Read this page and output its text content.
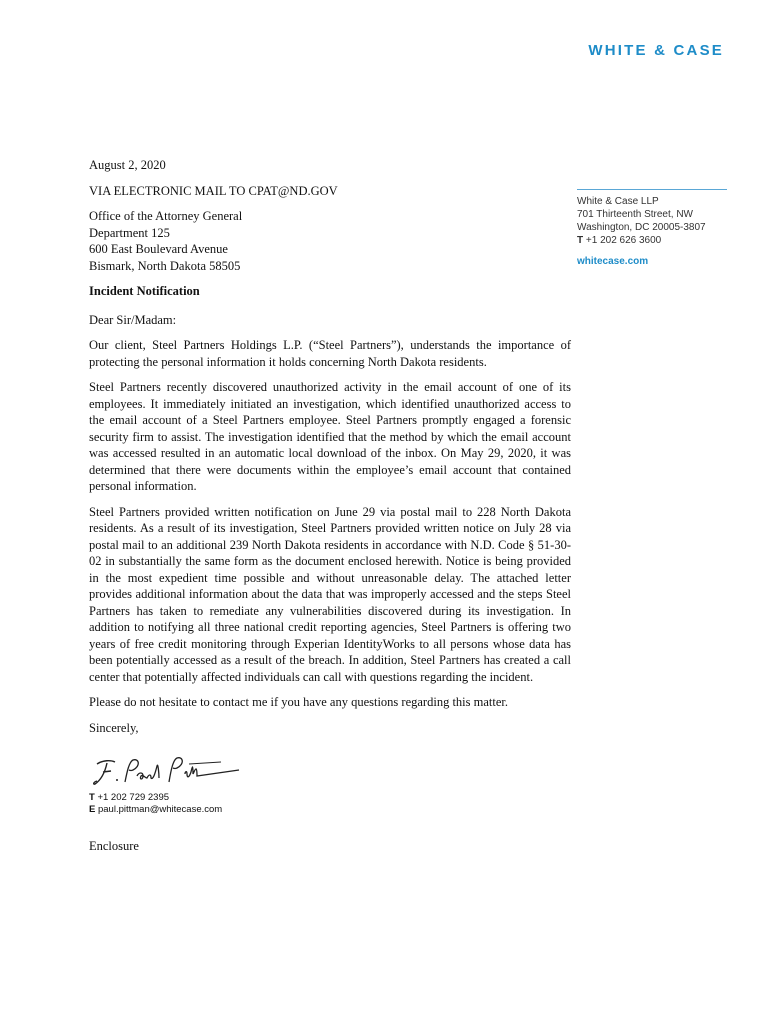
WHITE & CASE
White & Case LLP
701 Thirteenth Street, NW
Washington, DC 20005-3807
T +1 202 626 3600
whitecase.com

August 2, 2020

VIA ELECTRONIC MAIL TO CPAT@ND.GOV

Office of the Attorney General
Department 125
600 East Boulevard Avenue
Bismark, North Dakota 58505
Incident Notification

Dear Sir/Madam:

Our client, Steel Partners Holdings L.P. (“Steel Partners”), understands the importance of protecting the personal information it holds concerning North Dakota residents.

Steel Partners recently discovered unauthorized activity in the email account of one of its employees. It immediately initiated an investigation, which identified unauthorized access to the email account of a Steel Partners employee. Steel Partners promptly engaged a forensic security firm to assist. The investigation identified that the method by which the email account was accessed resulted in an automatic local download of the inbox. On May 29, 2020, it was determined that there were documents within the employee’s email account that contained personal information.

Steel Partners provided written notification on June 29 via postal mail to 228 North Dakota residents. As a result of its investigation, Steel Partners provided written notice on July 28 via postal mail to an additional 239 North Dakota residents in accordance with N.D. Code § 51-30-02 in substantially the same form as the document enclosed herewith. Notice is being provided in the most expedient time possible and without unreasonable delay. The attached letter provides additional information about the data that was improperly accessed and the steps Steel Partners has taken to remediate any vulnerabilities discovered during its investigation. In addition to notifying all three national credit reporting agencies, Steel Partners is offering two years of free credit monitoring through Experian IdentityWorks to all persons whose data has been potentially accessed as a result of the breach. In addition, Steel Partners has created a call center that potentially affected individuals can call with questions regarding the incident.

Please do not hesitate to contact me if you have any questions regarding this matter.

Sincerely,

T +1 202 729 2395
E paul.pittman@whitecase.com
Enclosure
